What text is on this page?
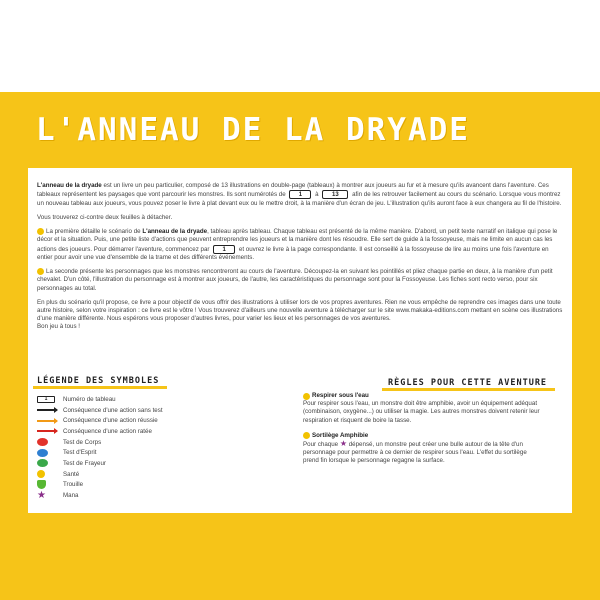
L'ANNEAU DE LA DRYADE

L'anneau de la dryade est un livre un peu particulier, composé de 13 illustrations en double-page (tableaux) à montrer aux joueurs au fur et à mesure qu'ils avancent dans l'aventure. Ces tableaux représentent les paysages que vont parcourir les monstres. Ils sont numérotés de 1 à 13 afin de les retrouver facilement au cours du scénario. Lorsque vous montrez un nouveau tableau aux joueurs, vous pouvez poser le livre à plat devant eux ou le mettre droit, à la manière d'un écran de jeu. L'illustration qu'ils auront face à eux changera au fil de l'histoire.

Vous trouverez ci-contre deux feuilles à détacher.

La première détaille le scénario de L'anneau de la dryade, tableau après tableau. Chaque tableau est présenté de la même manière. D'abord, un petit texte narratif en italique qui pose le décor et la situation. Puis, une petite liste d'actions que peuvent entreprendre les joueurs et la manière dont les résoudre. Elle sert de guide à la fossoyeuse, mais ne limite en aucun cas les actions des joueurs. Pour démarrer l'aventure, commencez par 1 et ouvrez le livre à la page correspondante. Il est conseillé à la fossoyeuse de lire au moins une fois l'aventure en entier pour avoir une vue d'ensemble de la trame et des différents événements.

La seconde présente les personnages que les monstres rencontreront au cours de l'aventure. Découpez-la en suivant les pointillés et pliez chaque partie en deux, à la manière d'un petit chevalet. D'un côté, l'illustration du personnage est à montrer aux joueurs, de l'autre, les caractéristiques du personnage sont pour la Fossoyeuse. Les fiches sont recto verso, pour six personnages au total.

En plus du scénario qu'il propose, ce livre a pour objectif de vous offrir des illustrations à utiliser lors de vos propres aventures. Rien ne vous empêche de reprendre ces images dans une toute autre histoire, selon votre inspiration : ce livre est le vôtre ! Vous trouverez d'ailleurs une nouvelle aventure à télécharger sur le site www.makaka-editions.com mettant en scène ces illustrations d'une manière différente. Nous espérons vous proposer d'autres livres, pour varier les lieux et les personnages de vos aventures.
Bon jeu à tous !

LÉGENDE DES SYMBOLES	RÈGLES POUR CETTE AVENTURE
1	Numéro de tableau
Conséquence d'une action sans test
Conséquence d'une action réussie
Conséquence d'une action ratée
Test de Corps
Test d'Esprit
Test de Frayeur
Santé
Trouille
★	Mana
Respirer sous l'eau
Pour respirer sous l'eau, un monstre doit être amphibie, avoir un équipement adéquat (combinaison, oxygène...) ou utiliser la magie. Les autres monstres doivent retenir leur respiration et risquent de boire la tasse.
Sortilège Amphibie
Pour chaque ★ dépensé, un monstre peut créer une bulle autour de la tête d'un personnage pour permettre à ce dernier de respirer sous l'eau. L'effet du sortilège prend fin lorsque le personnage regagne la surface.
